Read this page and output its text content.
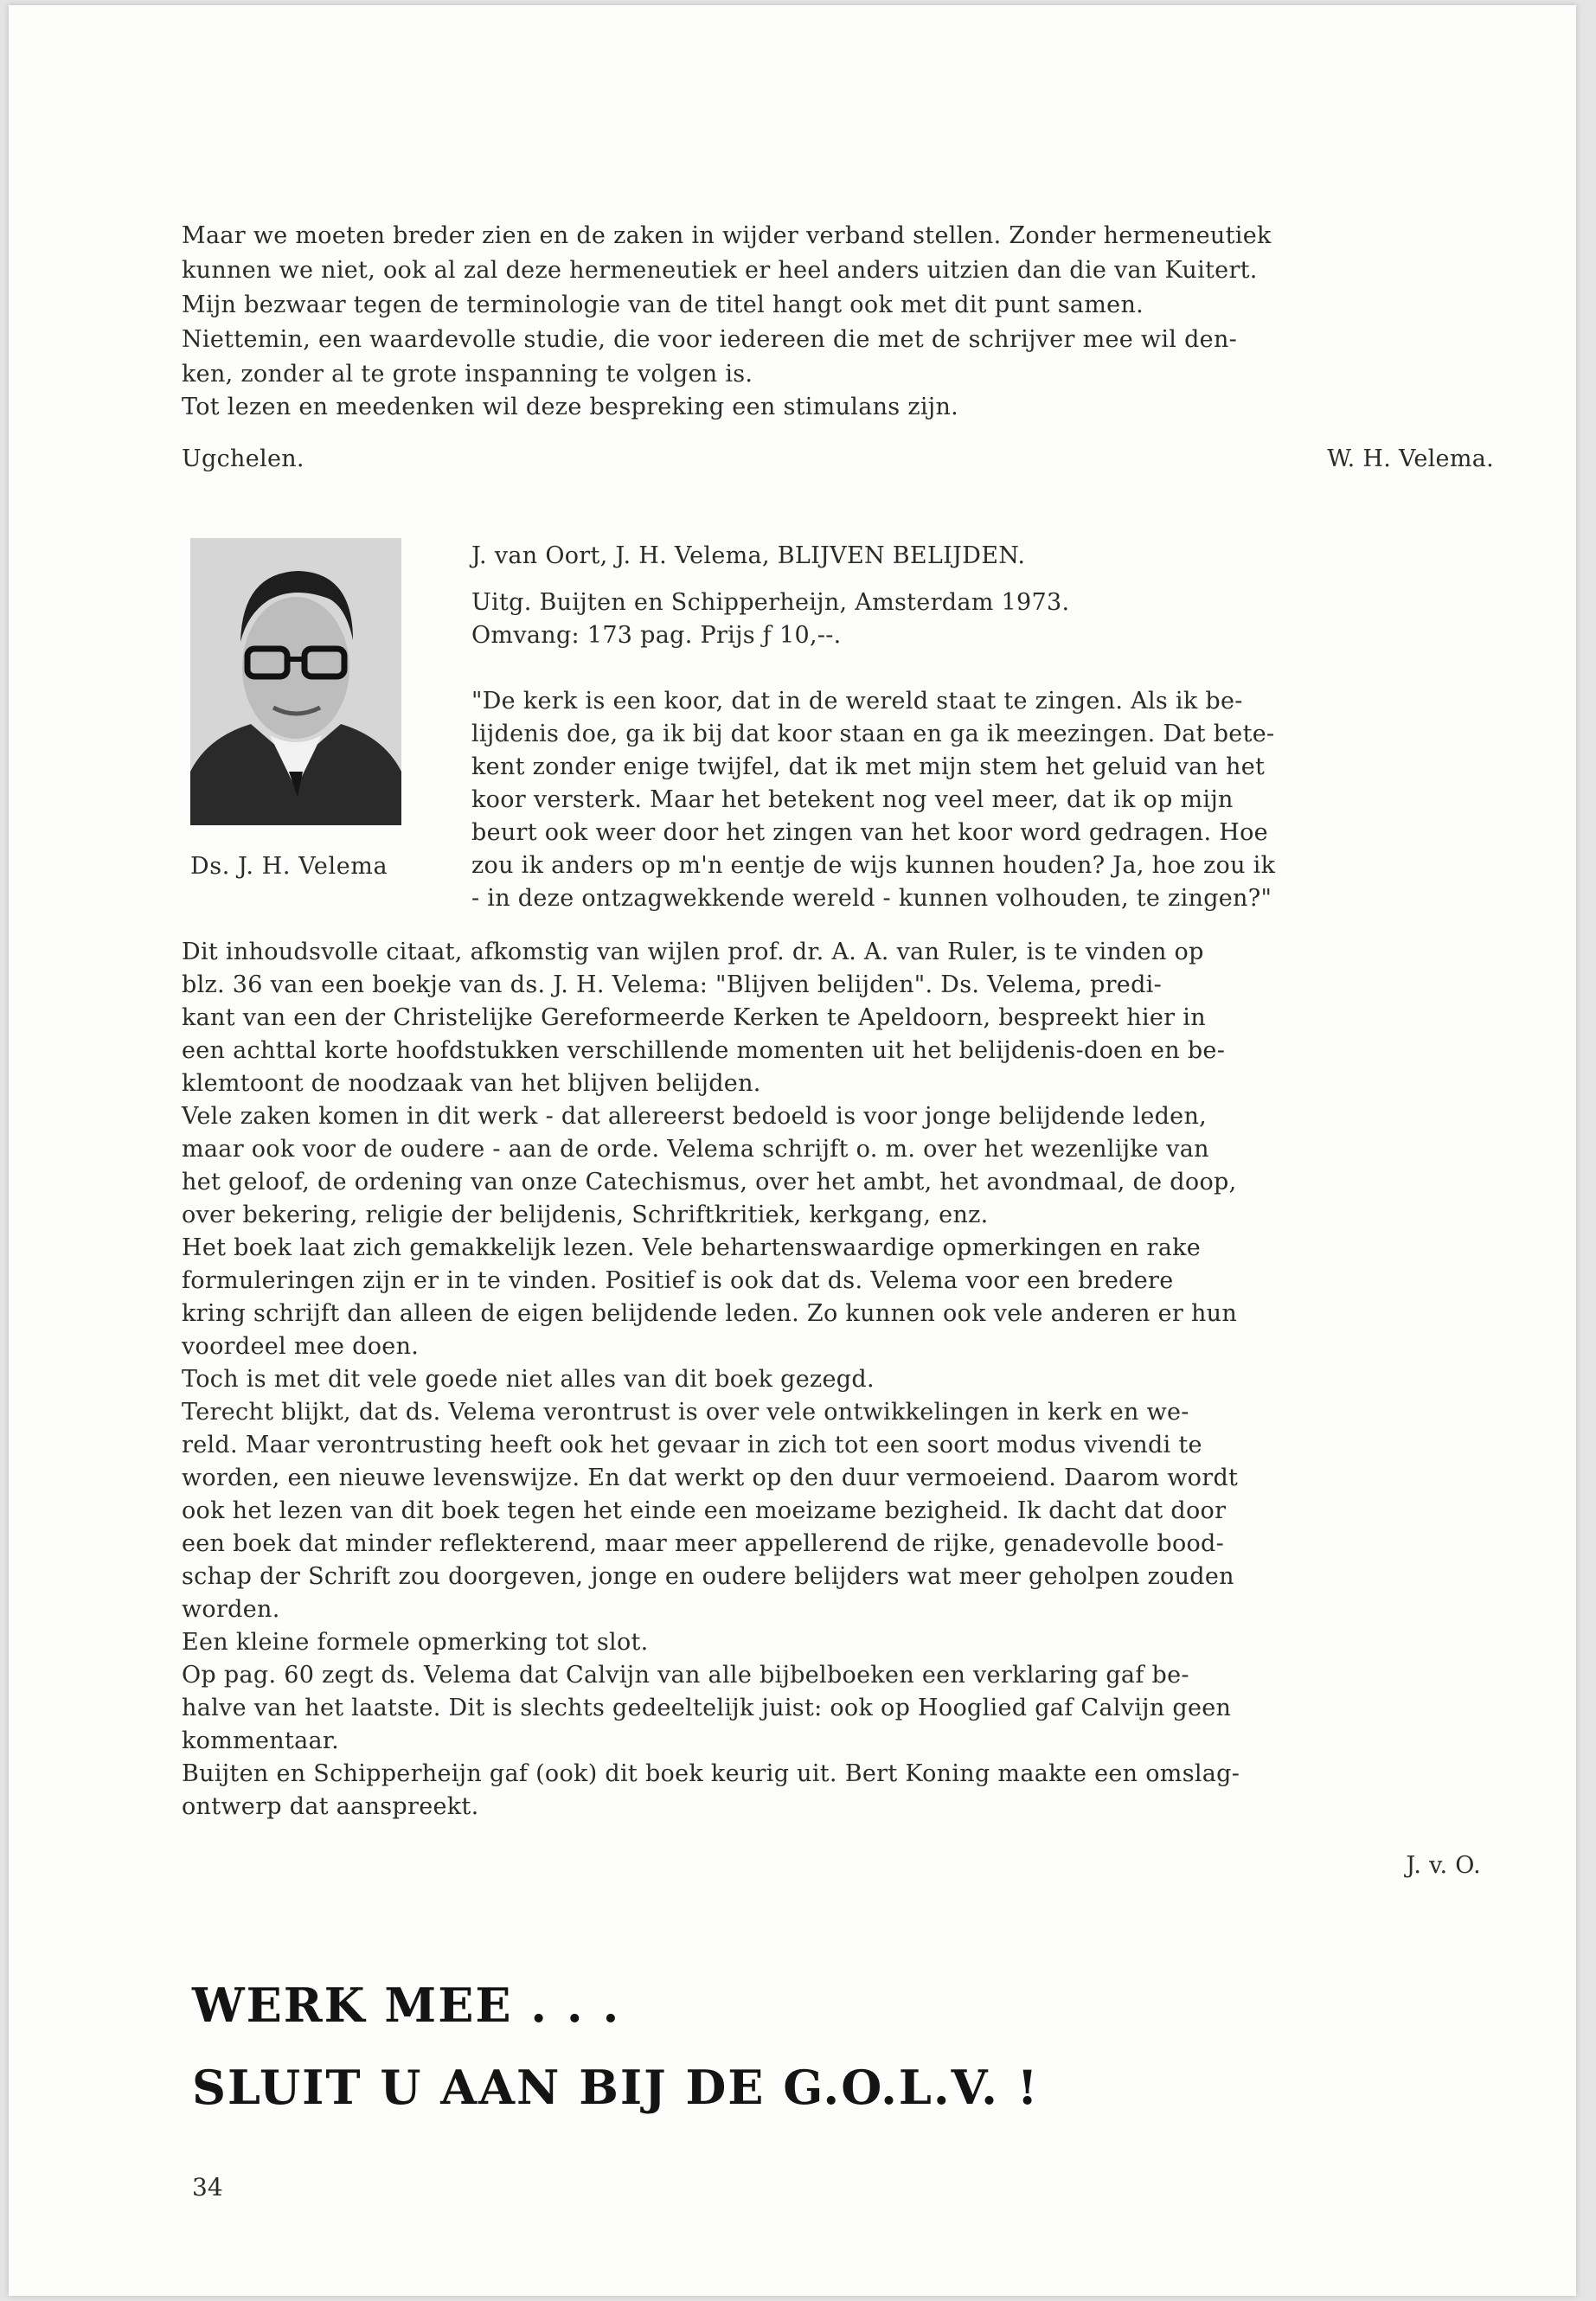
Maar we moeten breder zien en de zaken in wijder verband stellen. Zonder hermeneutiek
kunnen we niet, ook al zal deze hermeneutiek er heel anders uitzien dan die van Kuitert.
Mijn bezwaar tegen de terminologie van de titel hangt ook met dit punt samen.
Niettemin, een waardevolle studie, die voor iedereen die met de schrijver mee wil den-
ken, zonder al te grote inspanning te volgen is.
Tot lezen en meedenken wil deze bespreking een stimulans zijn.
Ugchelen.	W. H. Velema.
Ds. J. H. Velema
J. van Oort, J. H. Velema, BLIJVEN BELIJDEN.
Uitg. Buijten en Schipperheijn, Amsterdam 1973.
Omvang: 173 pag. Prijs ƒ 10,--.
"De kerk is een koor, dat in de wereld staat te zingen. Als ik be-
lijdenis doe, ga ik bij dat koor staan en ga ik meezingen. Dat bete-
kent zonder enige twijfel, dat ik met mijn stem het geluid van het
koor versterk. Maar het betekent nog veel meer, dat ik op mijn
beurt ook weer door het zingen van het koor word gedragen. Hoe
zou ik anders op m'n eentje de wijs kunnen houden? Ja, hoe zou ik
- in deze ontzagwekkende wereld - kunnen volhouden, te zingen?"
Dit inhoudsvolle citaat, afkomstig van wijlen prof. dr. A. A. van Ruler, is te vinden op
blz. 36 van een boekje van ds. J. H. Velema: "Blijven belijden". Ds. Velema, predi-
kant van een der Christelijke Gereformeerde Kerken te Apeldoorn, bespreekt hier in
een achttal korte hoofdstukken verschillende momenten uit het belijdenis-doen en be-
klemtoont de noodzaak van het blijven belijden.
Vele zaken komen in dit werk - dat allereerst bedoeld is voor jonge belijdende leden,
maar ook voor de oudere - aan de orde. Velema schrijft o. m. over het wezenlijke van
het geloof, de ordening van onze Catechismus, over het ambt, het avondmaal, de doop,
over bekering, religie der belijdenis, Schriftkritiek, kerkgang, enz.
Het boek laat zich gemakkelijk lezen. Vele behartenswaardige opmerkingen en rake
formuleringen zijn er in te vinden. Positief is ook dat ds. Velema voor een bredere
kring schrijft dan alleen de eigen belijdende leden. Zo kunnen ook vele anderen er hun
voordeel mee doen.
Toch is met dit vele goede niet alles van dit boek gezegd.
Terecht blijkt, dat ds. Velema verontrust is over vele ontwikkelingen in kerk en we-
reld. Maar verontrusting heeft ook het gevaar in zich tot een soort modus vivendi te
worden, een nieuwe levenswijze. En dat werkt op den duur vermoeiend. Daarom wordt
ook het lezen van dit boek tegen het einde een moeizame bezigheid. Ik dacht dat door
een boek dat minder reflekterend, maar meer appellerend de rijke, genadevolle bood-
schap der Schrift zou doorgeven, jonge en oudere belijders wat meer geholpen zouden
worden.
Een kleine formele opmerking tot slot.
Op pag. 60 zegt ds. Velema dat Calvijn van alle bijbelboeken een verklaring gaf be-
halve van het laatste. Dit is slechts gedeeltelijk juist: ook op Hooglied gaf Calvijn geen
kommentaar.
Buijten en Schipperheijn gaf (ook) dit boek keurig uit. Bert Koning maakte een omslag-
ontwerp dat aanspreekt.
J. v. O.
WERK MEE . . .
SLUIT U AAN BIJ DE G.O.L.V. !
34
